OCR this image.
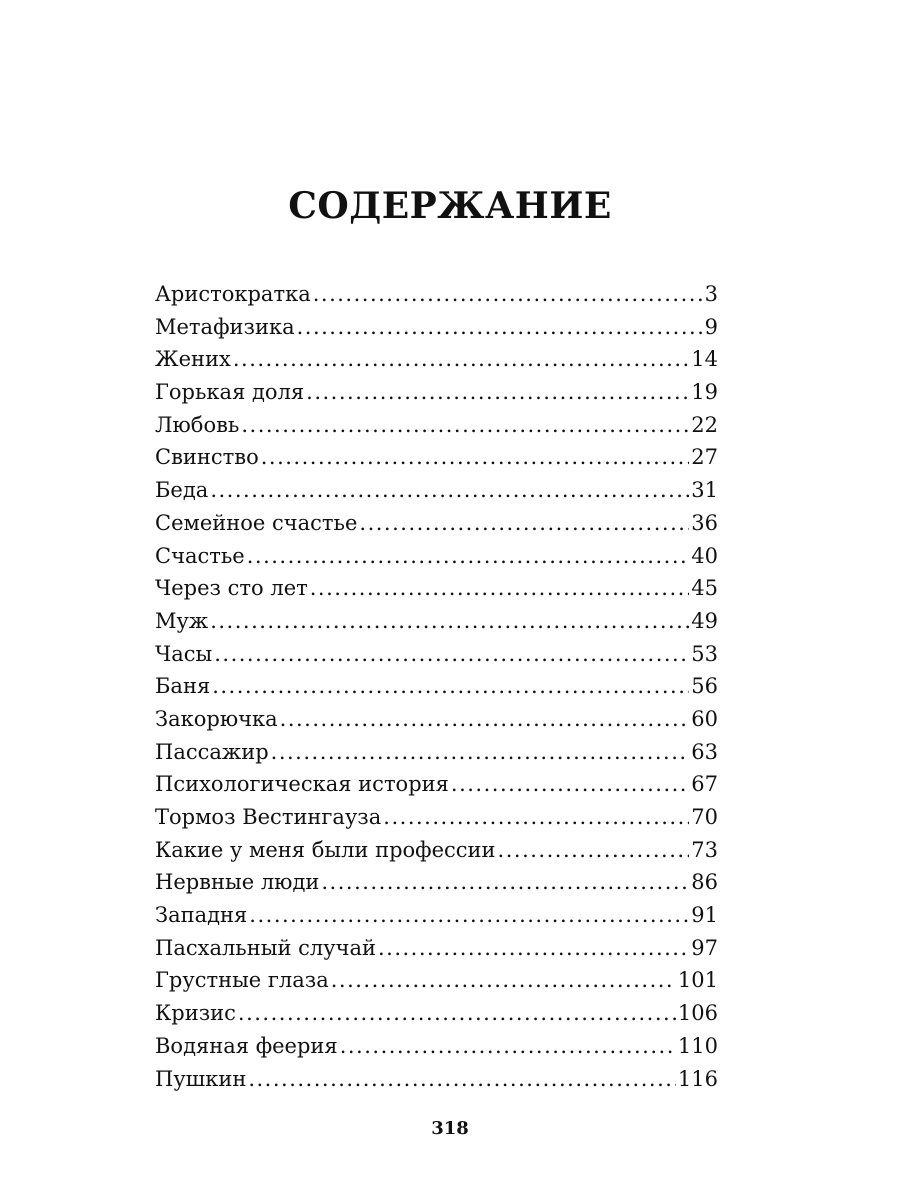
СОДЕРЖАНИЕ
Аристократка .....	3
Метафизика .....	9
Жених .....	14
Горькая доля .....	19
Любовь .....	22
Свинство .....	27
Беда .....	31
Семейное счастье .....	36
Счастье .....	40
Через сто лет .....	45
Муж .....	49
Часы .....	53
Баня .....	56
Закорючка .....	60
Пассажир .....	63
Психологическая история .....	67
Тормоз Вестингауза .....	70
Какие у меня были профессии .....	73
Нервные люди .....	86
Западня .....	91
Пасхальный случай .....	97
Грустные глаза .....	101
Кризис .....	106
Водяная феерия .....	110
Пушкин .....	116
318
